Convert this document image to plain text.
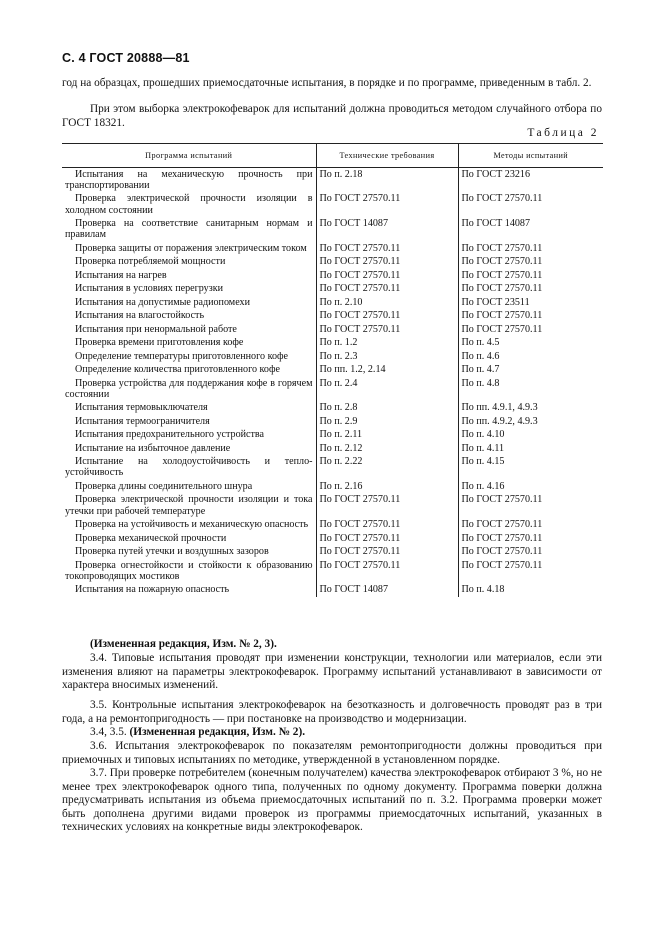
С. 4 ГОСТ 20888—81
год на образцах, прошедших приемосдаточные испытания, в порядке и по программе, приведенным в табл. 2.
При этом выборка электрокофеварок для испытаний должна проводиться методом случайного отбора по ГОСТ 18321.
Таблица 2
Программа испытаний	Технические требования	Методы испытаний
Испытания на механическую прочность при транспортировании	По п. 2.18	По ГОСТ 23216
Проверка электрической прочности изоляции в холодном состоянии	По ГОСТ 27570.11	По ГОСТ 27570.11
Проверка на соответствие санитарным нормам и правилам	По ГОСТ 14087	По ГОСТ 14087
Проверка защиты от поражения электрическим током	По ГОСТ 27570.11	По ГОСТ 27570.11
Проверка потребляемой мощности	По ГОСТ 27570.11	По ГОСТ 27570.11
Испытания на нагрев	По ГОСТ 27570.11	По ГОСТ 27570.11
Испытания в условиях перегрузки	По ГОСТ 27570.11	По ГОСТ 27570.11
Испытания на допустимые радиопомехи	По п. 2.10	По ГОСТ 23511
Испытания на влагостойкость	По ГОСТ 27570.11	По ГОСТ 27570.11
Испытания при ненормальной работе	По ГОСТ 27570.11	По ГОСТ 27570.11
Проверка времени приготовления кофе	По п. 1.2	По п. 4.5
Определение температуры приготовленного кофе	По п. 2.3	По п. 4.6
Определение количества приготовленного кофе	По пп. 1.2, 2.14	По п. 4.7
Проверка устройства для поддержания кофе в горячем состоянии	По п. 2.4	По п. 4.8
Испытания термовыключателя	По п. 2.8	По пп. 4.9.1, 4.9.3
Испытания термоограничителя	По п. 2.9	По пп. 4.9.2, 4.9.3
Испытания предохранительного устройства	По п. 2.11	По п. 4.10
Испытание на избыточное давление	По п. 2.12	По п. 4.11
Испытание на холодоустойчивость и тепло-устойчивость	По п. 2.22	По п. 4.15
Проверка длины соединительного шнура	По п. 2.16	По п. 4.16
Проверка электрической прочности изоляции и тока утечки при рабочей температуре	По ГОСТ 27570.11	По ГОСТ 27570.11
Проверка на устойчивость и механическую опасность	По ГОСТ 27570.11	По ГОСТ 27570.11
Проверка механической прочности	По ГОСТ 27570.11	По ГОСТ 27570.11
Проверка путей утечки и воздушных зазоров	По ГОСТ 27570.11	По ГОСТ 27570.11
Проверка огнестойкости и стойкости к образованию токопроводящих мостиков	По ГОСТ 27570.11	По ГОСТ 27570.11
Испытания на пожарную опасность	По ГОСТ 14087	По п. 4.18
(Измененная редакция, Изм. № 2, 3).
3.4. Типовые испытания проводят при изменении конструкции, технологии или материалов, если эти изменения влияют на параметры электрокофеварок. Программу испытаний устанавливают в зависимости от характера вносимых изменений.
3.5. Контрольные испытания электрокофеварок на безотказность и долговечность проводят раз в три года, а на ремонтопригодность — при постановке на производство и модернизации.
3.4, 3.5. (Измененная редакция, Изм. № 2).
3.6. Испытания электрокофеварок по показателям ремонтопригодности должны проводиться при приемочных и типовых испытаниях по методике, утвержденной в установленном порядке.
3.7. При проверке потребителем (конечным получателем) качества электрокофеварок отбирают 3 %, но не менее трех электрокофеварок одного типа, полученных по одному документу. Программа поверки должна предусматривать испытания из объема приемосдаточных испытаний по п. 3.2. Программа проверки может быть дополнена другими видами проверок из программы приемосдаточных испытаний, указанных в технических условиях на конкретные виды электрокофеварок.
